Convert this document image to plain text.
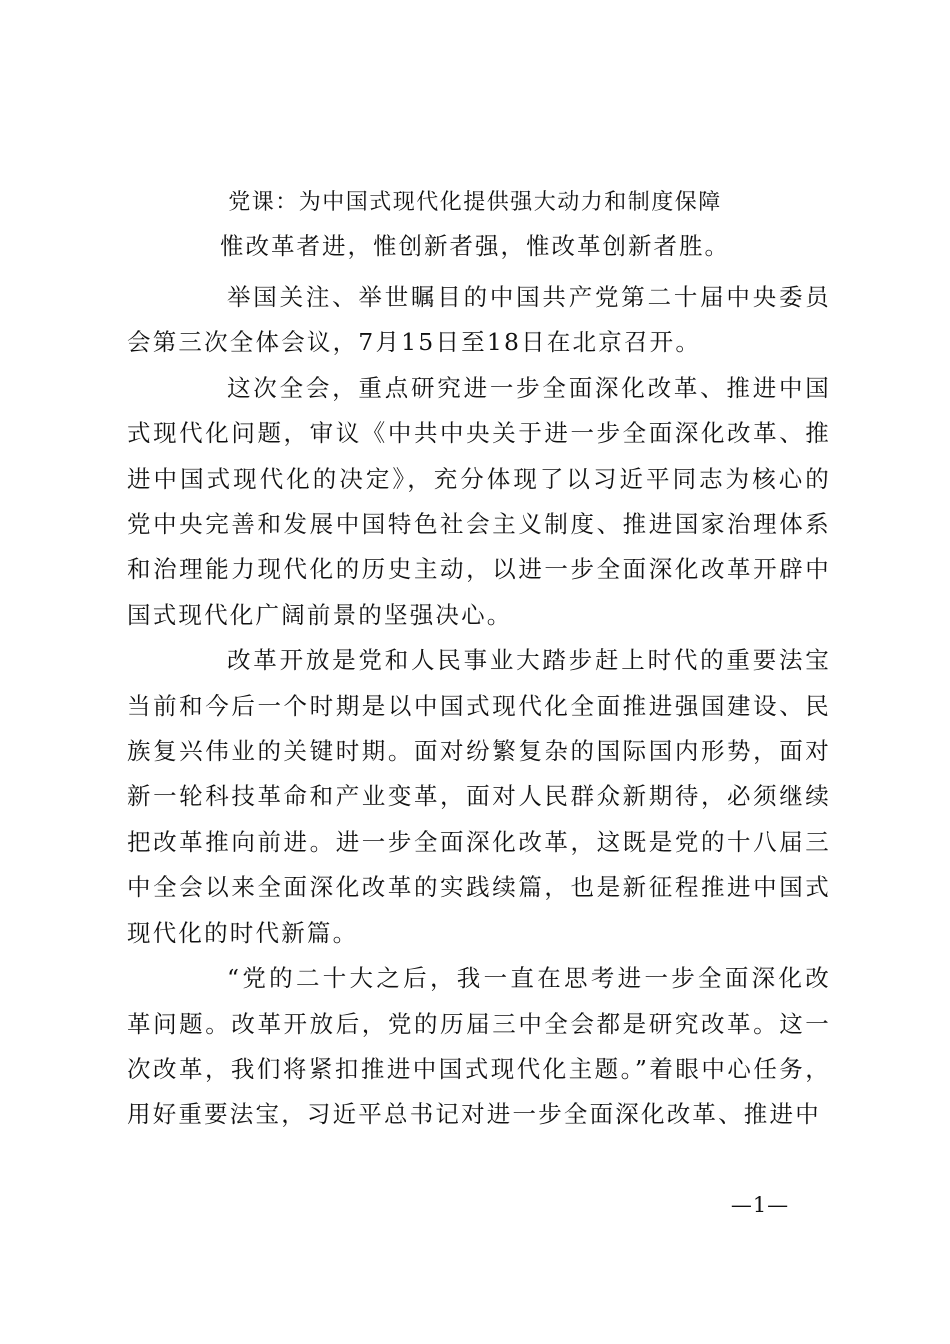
党课：为中国式现代化提供强大动力和制度保障

惟改革者进，惟创新者强，惟改革创新者胜。

举国关注、举世瞩目的中国共产党第二十届中央委员会第三次全体会议，7月15日至18日在北京召开。

这次全会，重点研究进一步全面深化改革、推进中国式现代化问题，审议《中共中央关于进一步全面深化改革、推进中国式现代化的决定》，充分体现了以习近平同志为核心的党中央完善和发展中国特色社会主义制度、推进国家治理体系和治理能力现代化的历史主动，以进一步全面深化改革开辟中国式现代化广阔前景的坚强决心。

改革开放是党和人民事业大踏步赶上时代的重要法宝当前和今后一个时期是以中国式现代化全面推进强国建设、民族复兴伟业的关键时期。面对纷繁复杂的国际国内形势，面对新一轮科技革命和产业变革，面对人民群众新期待，必须继续把改革推向前进。进一步全面深化改革，这既是党的十八届三中全会以来全面深化改革的实践续篇，也是新征程推进中国式现代化的时代新篇。

“党的二十大之后，我一直在思考进一步全面深化改革问题。改革开放后，党的历届三中全会都是研究改革。这一次改革，我们将紧扣推进中国式现代化主题。”着眼中心任务，用好重要法宝，习近平总书记对进一步全面深化改革、推进中

—1—
